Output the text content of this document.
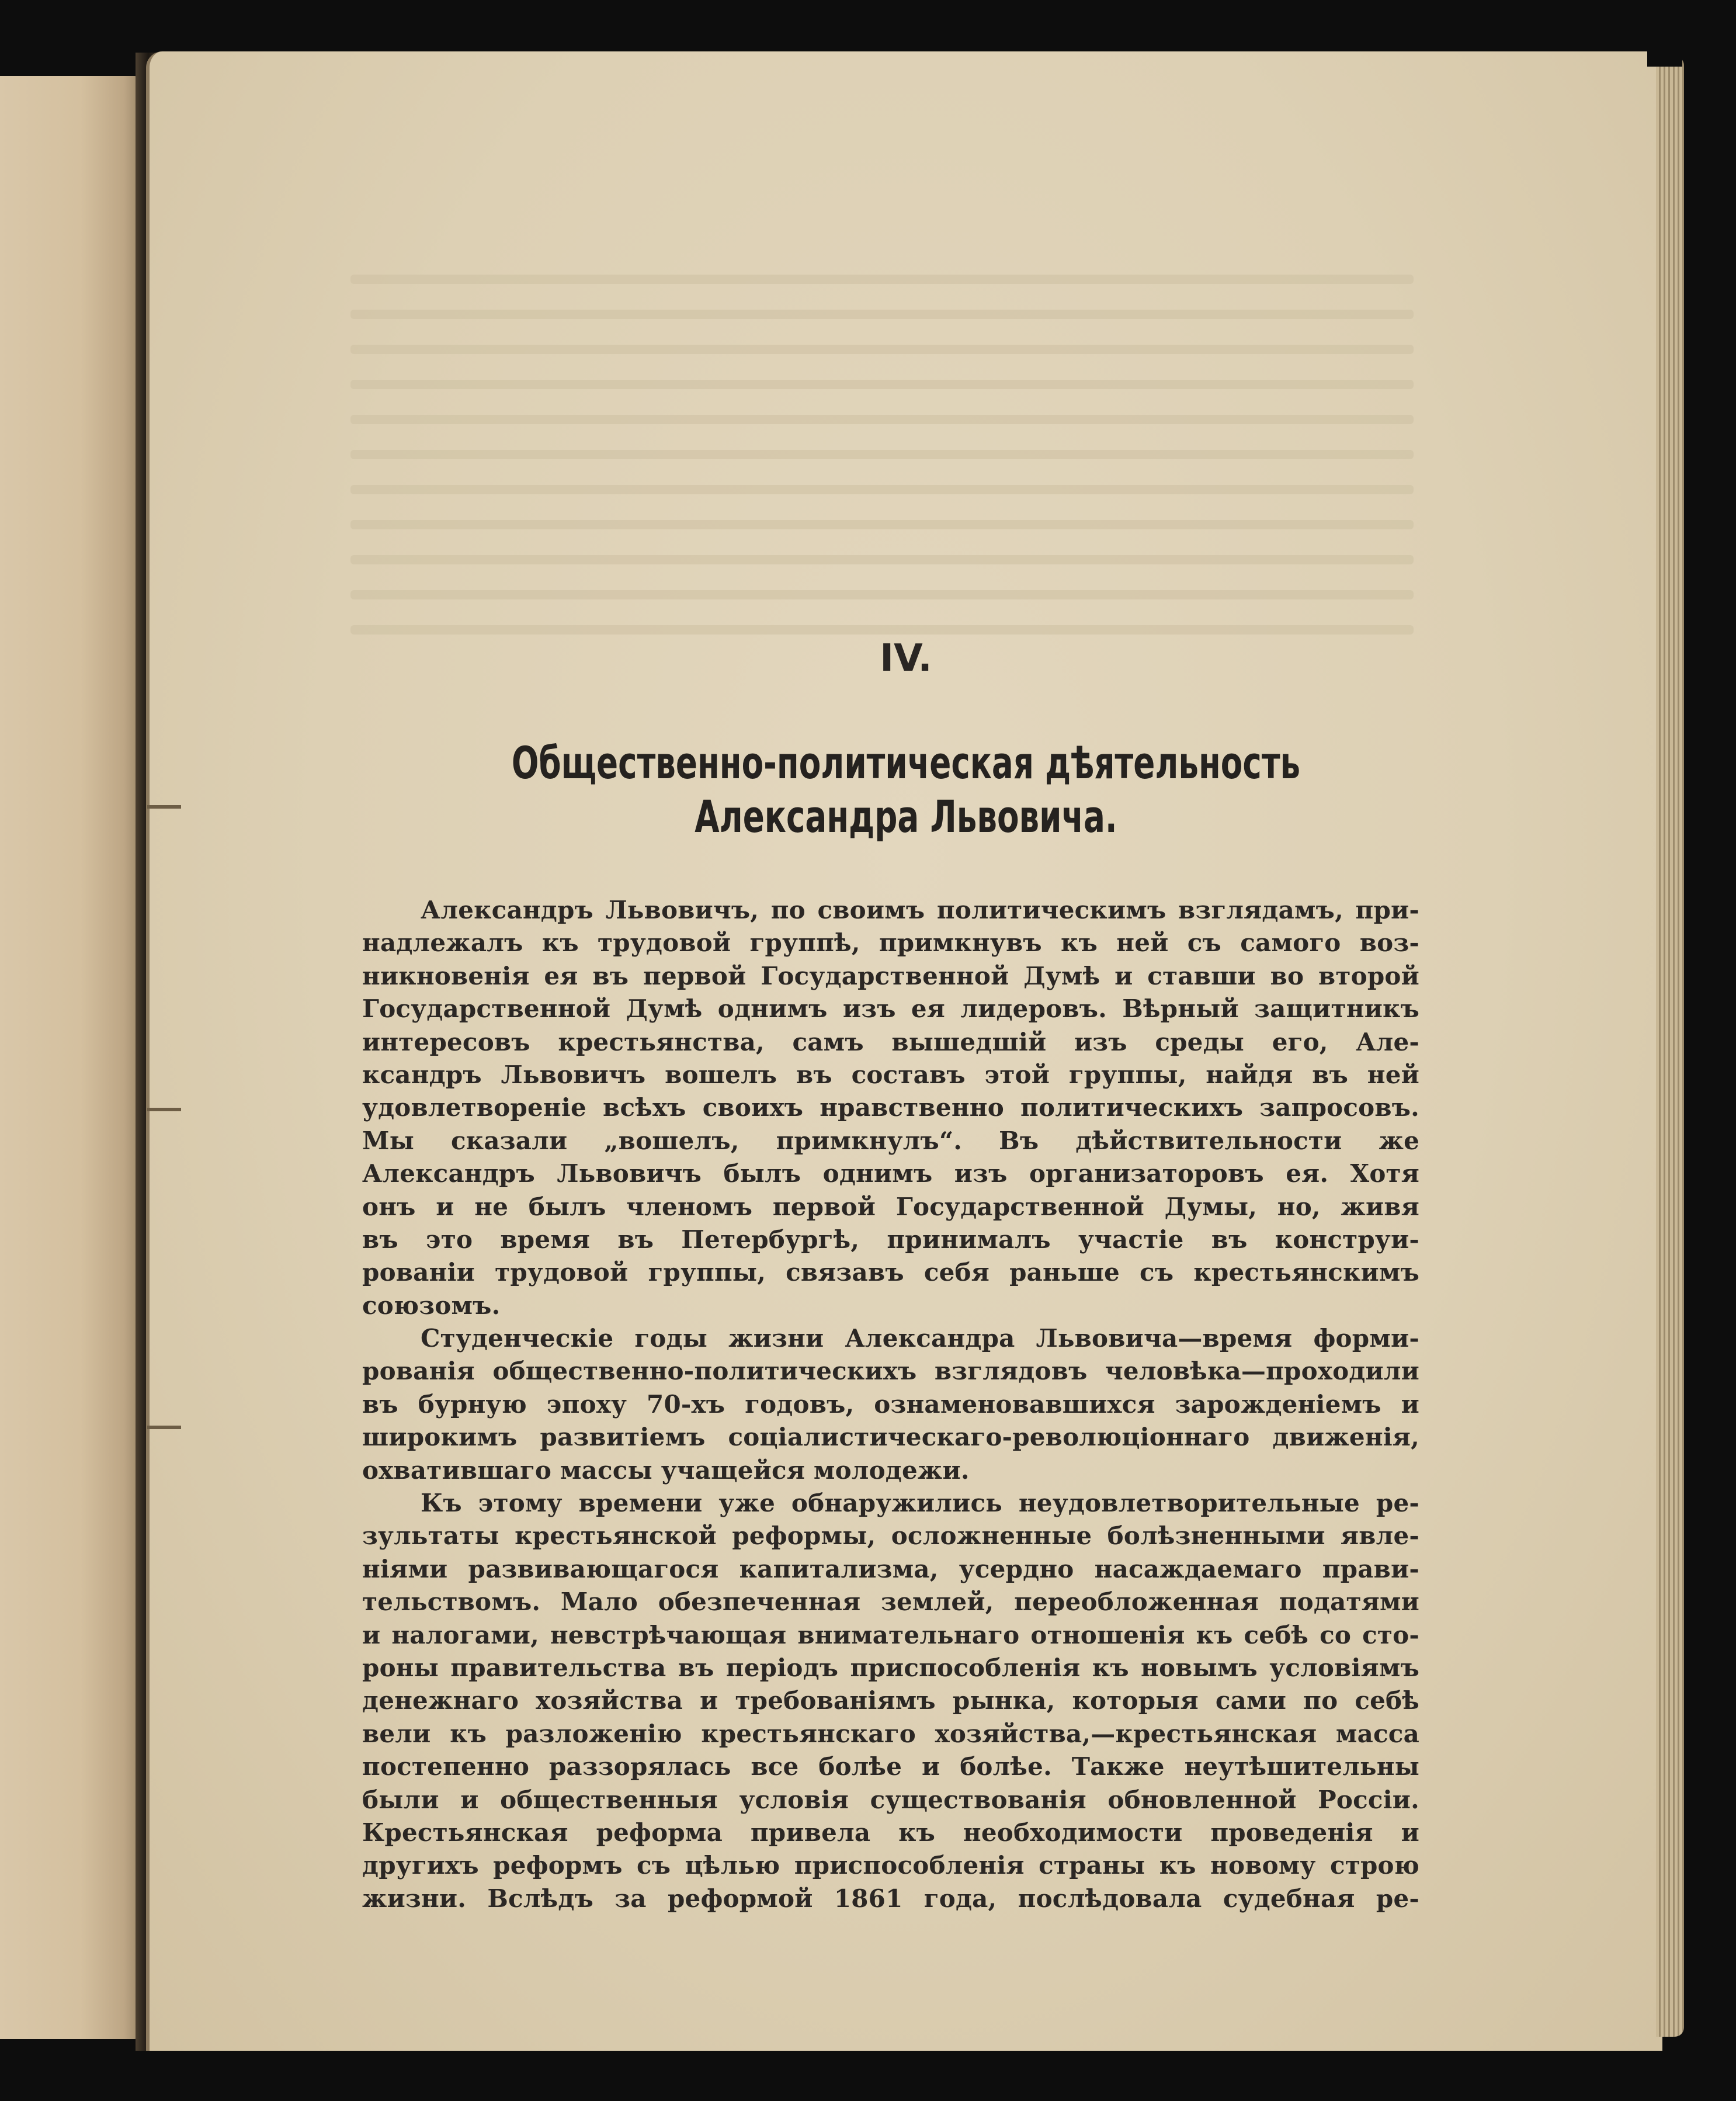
IV.
Общественно-политическая дѣятельность
Александра Львовича.
Александръ Львовичъ, по своимъ политическимъ взглядамъ, при-
надлежалъ къ трудовой группѣ, примкнувъ къ ней съ самого воз-
никновенія ея въ первой Государственной Думѣ и ставши во второй
Государственной Думѣ однимъ изъ ея лидеровъ. Вѣрный защитникъ
интересовъ крестьянства, самъ вышедшій изъ среды его, Але-
ксандръ Львовичъ вошелъ въ составъ этой группы, найдя въ ней
удовлетвореніе всѣхъ своихъ нравственно политическихъ запросовъ.
Мы сказали „вошелъ, примкнулъ“. Въ дѣйствительности же
Александръ Львовичъ былъ однимъ изъ организаторовъ ея. Хотя
онъ и не былъ членомъ первой Государственной Думы, но, живя
въ это время въ Петербургѣ, принималъ участіе въ конструи-
рованіи трудовой группы, связавъ себя раньше съ крестьянскимъ
союзомъ.
Студенческіе годы жизни Александра Львовича—время форми-
рованія общественно-политическихъ взглядовъ человѣка—проходили
въ бурную эпоху 70-хъ годовъ, ознаменовавшихся зарожденіемъ и
широкимъ развитіемъ соціалистическаго-революціоннаго движенія,
охватившаго массы учащейся молодежи.
Къ этому времени уже обнаружились неудовлетворительные ре-
зультаты крестьянской реформы, осложненные болѣзненными явле-
ніями развивающагося капитализма, усердно насаждаемаго прави-
тельствомъ. Мало обезпеченная землей, переобложенная податями
и налогами, невстрѣчающая внимательнаго отношенія къ себѣ со сто-
роны правительства въ періодъ приспособленія къ новымъ условіямъ
денежнаго хозяйства и требованіямъ рынка, которыя сами по себѣ
вели къ разложенію крестьянскаго хозяйства,—крестьянская масса
постепенно раззорялась все болѣе и болѣе. Также неутѣшительны
были и общественныя условія существованія обновленной Россіи.
Крестьянская реформа привела къ необходимости проведенія и
другихъ реформъ съ цѣлью приспособленія страны къ новому строю
жизни. Вслѣдъ за реформой 1861 года, послѣдовала судебная ре-
